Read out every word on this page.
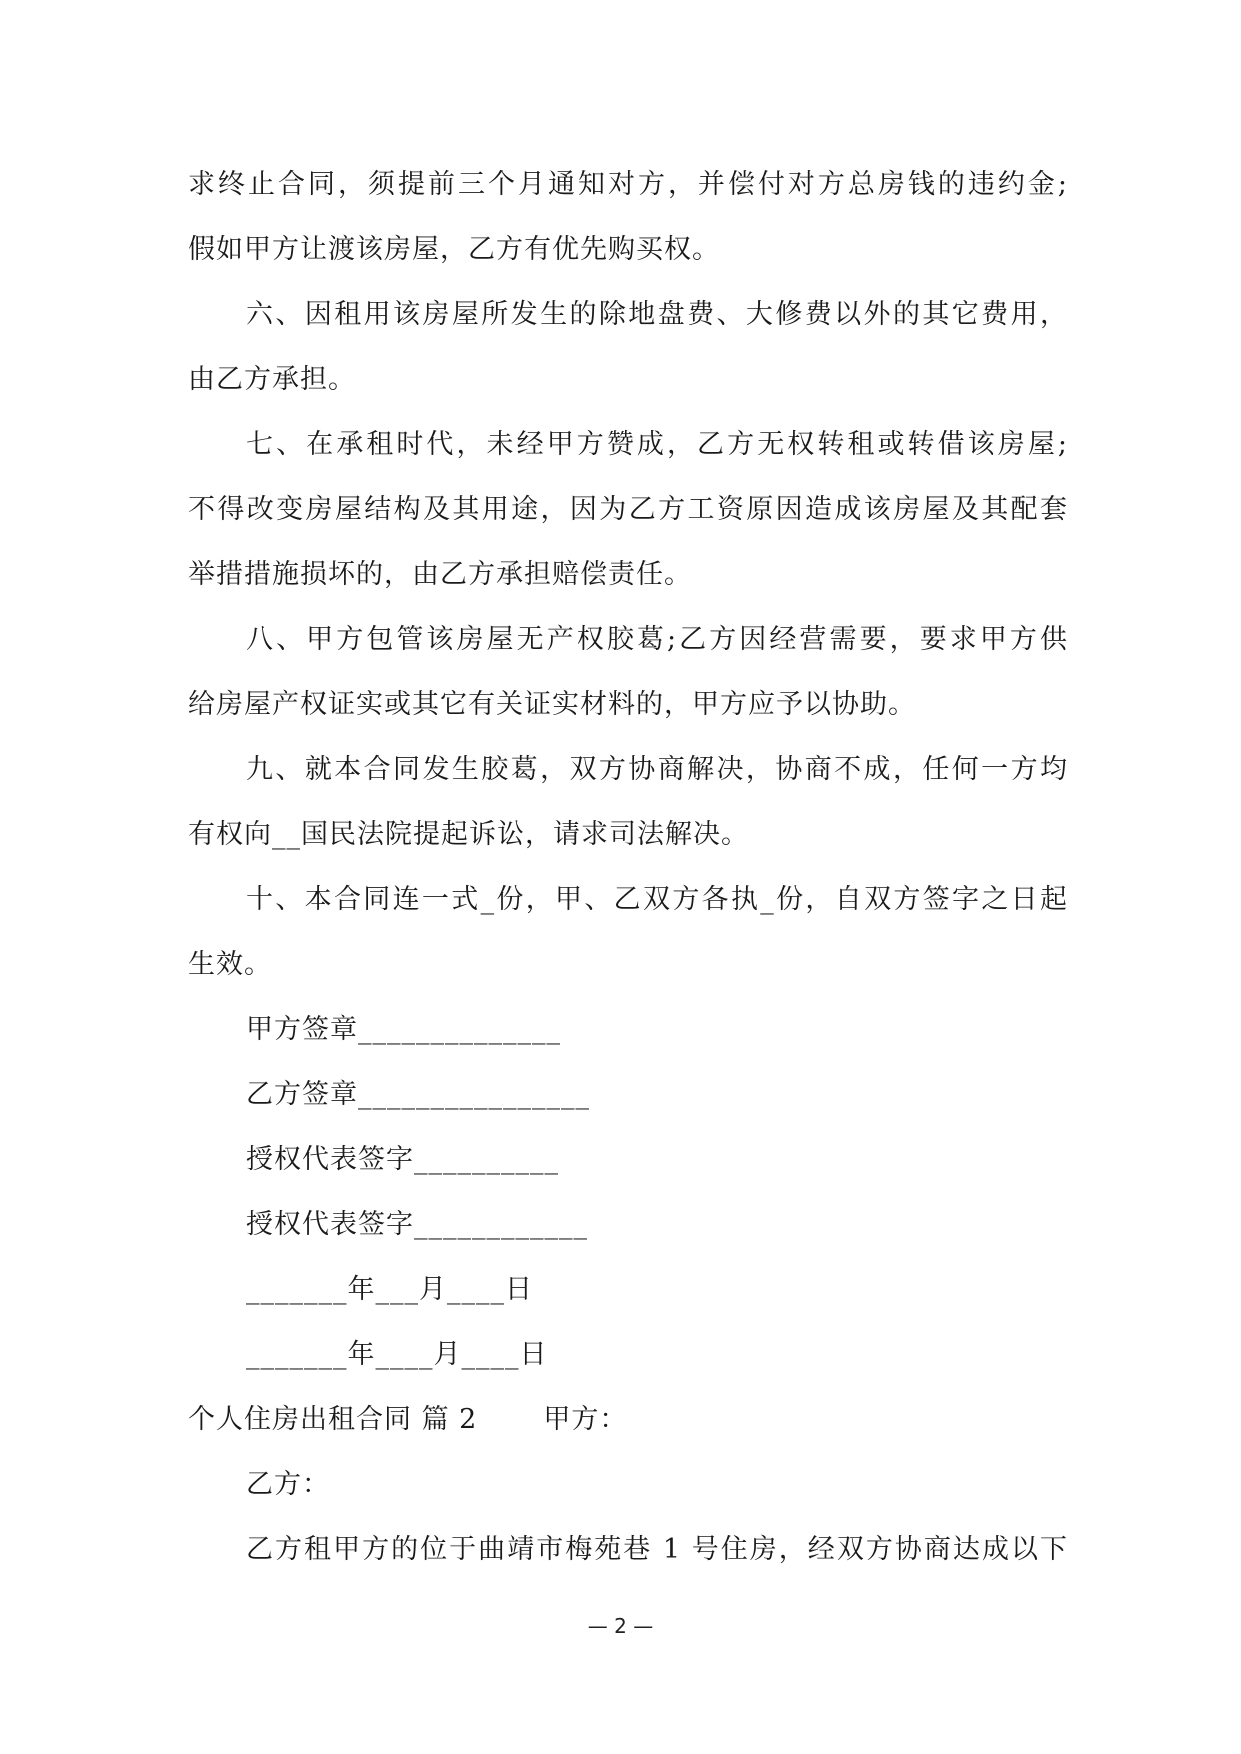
求终止合同，须提前三个月通知对方，并偿付对方总房钱的违约金;
假如甲方让渡该房屋，乙方有优先购买权。
六、因租用该房屋所发生的除地盘费、大修费以外的其它费用，
由乙方承担。
七、在承租时代，未经甲方赞成，乙方无权转租或转借该房屋;
不得改变房屋结构及其用途，因为乙方工资原因造成该房屋及其配套
举措措施损坏的，由乙方承担赔偿责任。
八、甲方包管该房屋无产权胶葛;乙方因经营需要，要求甲方供
给房屋产权证实或其它有关证实材料的，甲方应予以协助。
九、就本合同发生胶葛，双方协商解决，协商不成，任何一方均
有权向__国民法院提起诉讼，请求司法解决。
十、本合同连一式_份，甲、乙双方各执_份，自双方签字之日起
生效。
甲方签章______________
乙方签章________________
授权代表签字__________
授权代表签字____________
_______年___月____日
_______年____月____日
个人住房出租合同 篇 2 甲方：
乙方：
乙方租甲方的位于曲靖市梅苑巷 1 号住房，经双方协商达成以下
— 2 —
